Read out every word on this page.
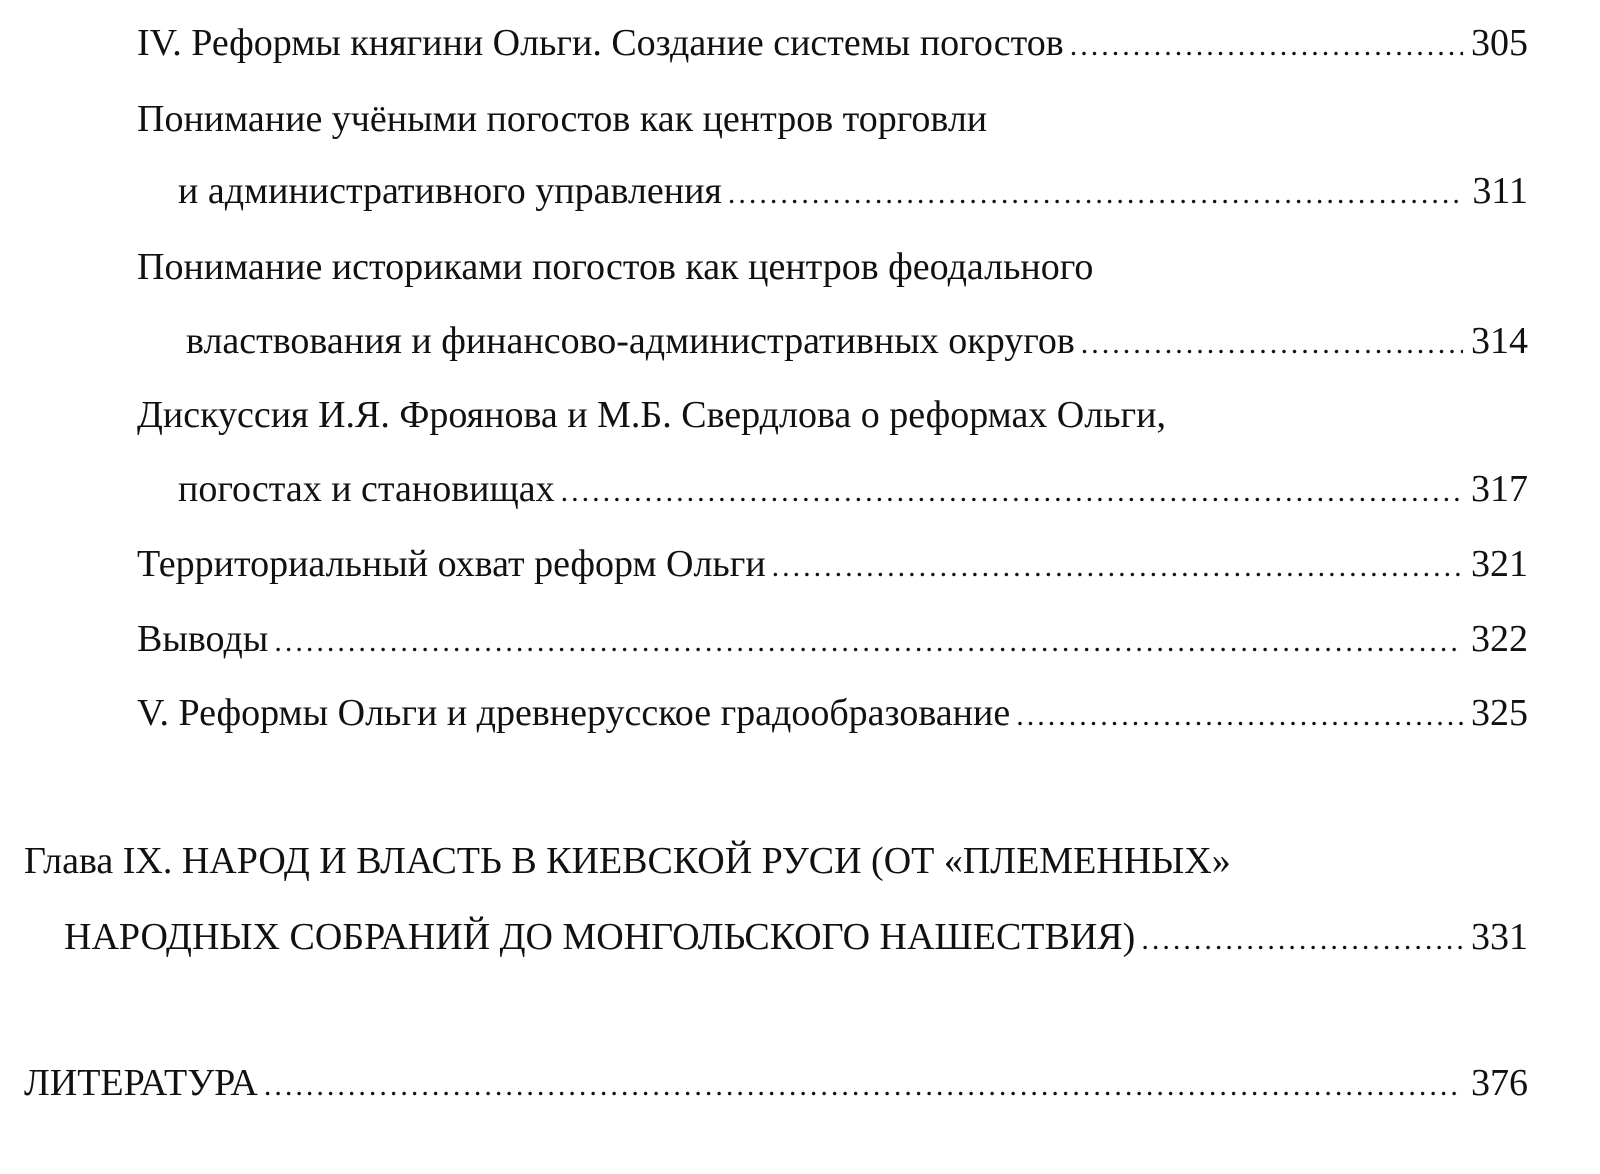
IV. Реформы княгини Ольги. Создание системы погостов .....	305
Понимание учёными погостов как центров торговли
и административного управления .....	311
Понимание историками погостов как центров феодального
властвования и финансово-административных округов .....	314
Дискуссия И.Я. Фроянова и М.Б. Свердлова о реформах Ольги,
погостах и становищах .....	317
Территориальный охват реформ Ольги .....	321
Выводы .....	322
V. Реформы Ольги и древнерусское градообразование .....	325
Глава IX. НАРОД И ВЛАСТЬ В КИЕВСКОЙ РУСИ (ОТ «ПЛЕМЕННЫХ»
НАРОДНЫХ СОБРАНИЙ ДО МОНГОЛЬСКОГО НАШЕСТВИЯ) .....	331
ЛИТЕРАТУРА .....	376
